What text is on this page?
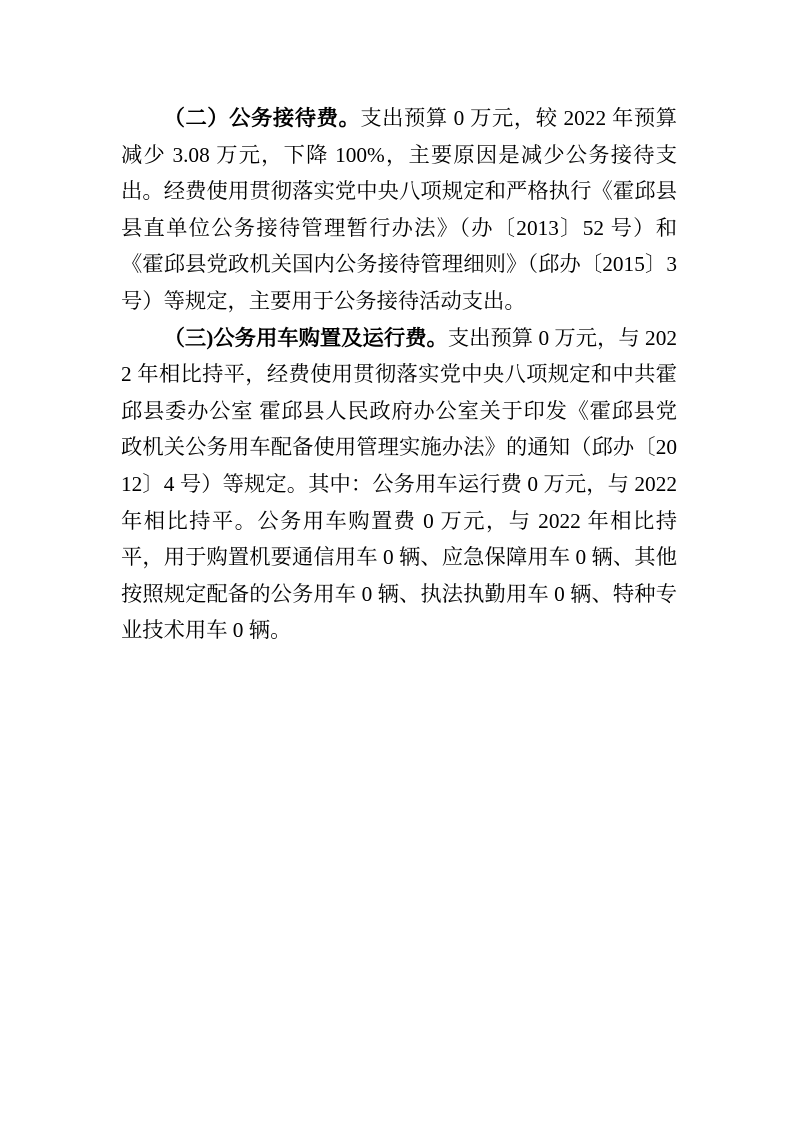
（二）公务接待费。支出预算 0 万元，较 2022 年预算减少 3.08 万元，下降 100%，主要原因是减少公务接待支出。经费使用贯彻落实党中央八项规定和严格执行《霍邱县县直单位公务接待管理暂行办法》（办〔2013〕52 号）和《霍邱县党政机关国内公务接待管理细则》（邱办〔2015〕3 号）等规定，主要用于公务接待活动支出。

（三)公务用车购置及运行费。支出预算 0 万元，与 2022 年相比持平，经费使用贯彻落实党中央八项规定和中共霍邱县委办公室 霍邱县人民政府办公室关于印发《霍邱县党政机关公务用车配备使用管理实施办法》的通知（邱办〔2012〕4 号）等规定。其中：公务用车运行费 0 万元，与 2022 年相比持平。公务用车购置费 0 万元，与 2022 年相比持平，用于购置机要通信用车 0 辆、应急保障用车 0 辆、其他按照规定配备的公务用车 0 辆、执法执勤用车 0 辆、特种专业技术用车 0 辆。
